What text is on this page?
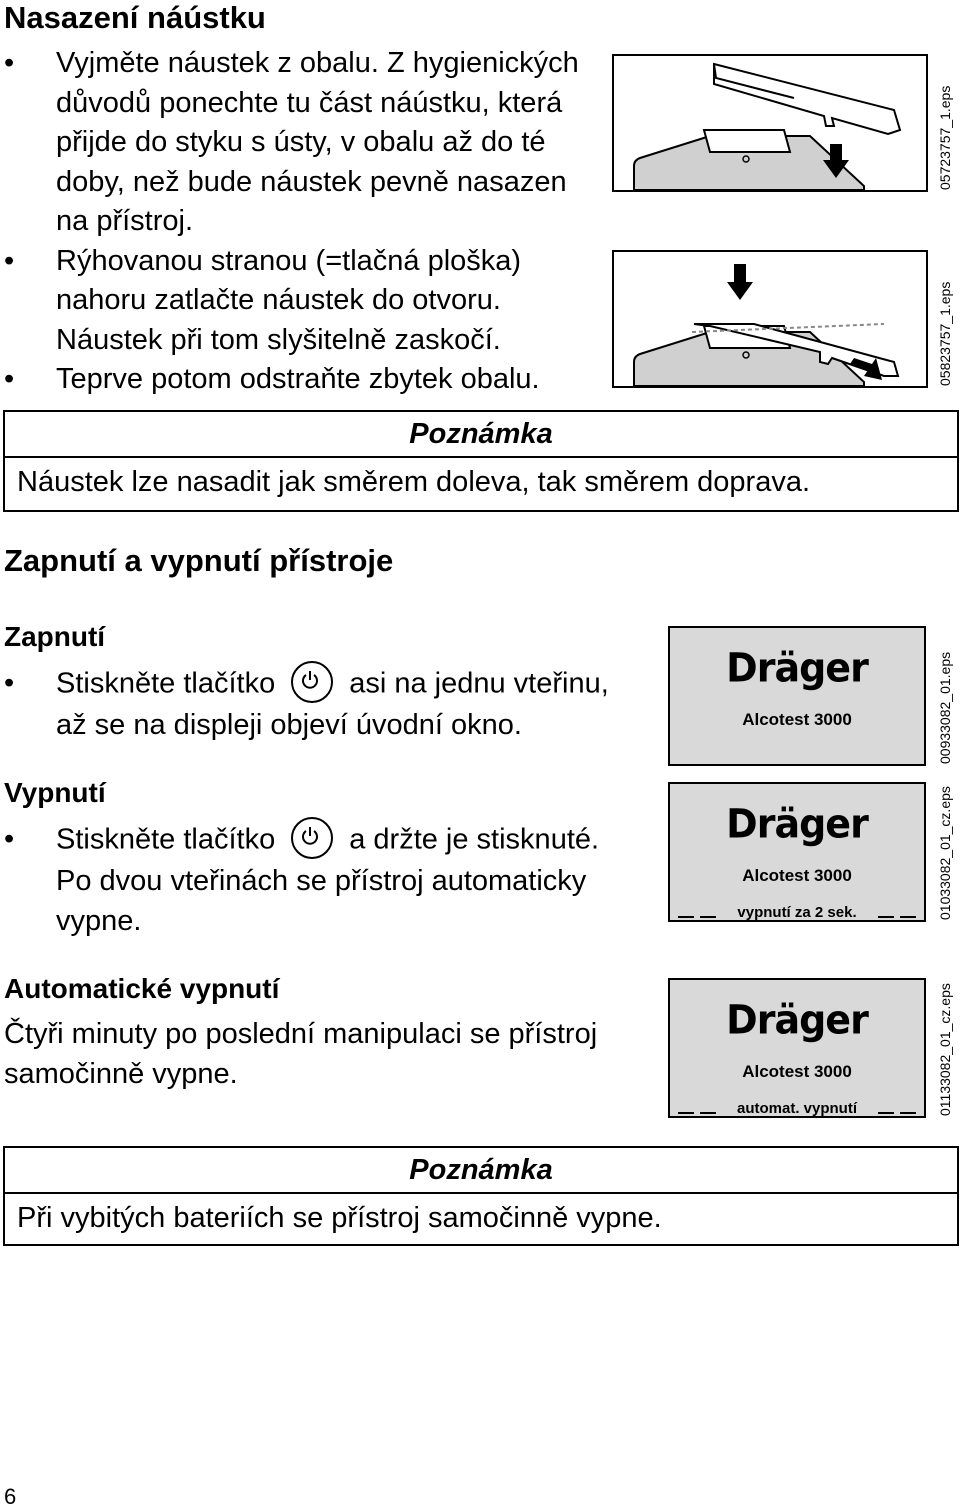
Nasazení náústku
• Vyjměte náustek z obalu. Z hygienických důvodů ponechte tu část náústku, která přijde do styku s ústy, v obalu až do té doby, než bude náustek pevně nasazen na přístroj.
• Rýhovanou stranou (=tlačná ploška) nahoru zatlačte náustek do otvoru. Náustek při tom slyšitelně zaskočí.
• Teprve potom odstraňte zbytek obalu.
05723757_1.eps
05823757_1.eps
Poznámka
Náustek lze nasadit jak směrem doleva, tak směrem doprava.
Zapnutí a vypnutí přístroje
Zapnutí
• Stiskněte tlačítko	asi na jednu vteřinu,
až se na displeji objeví úvodní okno.
Vypnutí
• Stiskněte tlačítko	a držte je stisknuté.
Po dvou vteřinách se přístroj automaticky
vypne.
Automatické vypnutí
Čtyři minuty po poslední manipulaci se přístroj samočinně vypne.
Dräger
Alcotest 3000	00933082_01.eps
Dräger
Alcotest 3000
vypnutí za 2 sek.	01033082_01_cz.eps
Dräger
Alcotest 3000
automat. vypnutí	01133082_01_cz.eps
Poznámka
Při vybitých bateriích se přístroj samočinně vypne.
6
